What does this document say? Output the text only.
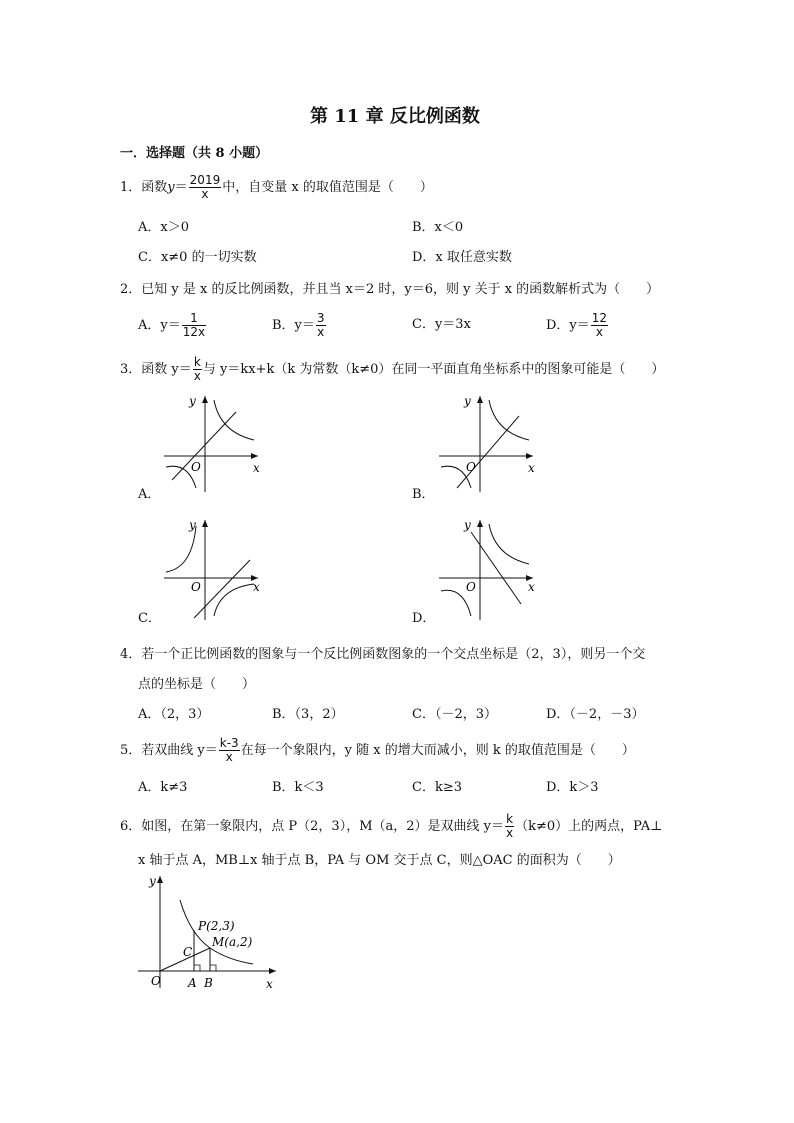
第 11 章 反比例函数
一．选择题（共 8 小题）
1．函数$y= \frac{2019}{x}$ 中，自变量 x 的取值范围是（　　）
A．x＞0	B．x＜0
C．x≠0 的一切实数	D．x 取任意实数
2．已知 y 是 x 的反比例函数，并且当 x＝2 时，y＝6，则 y 关于 x 的函数解析式为（　　）
A．$y= \frac{1}{12x}$	B．$y= \frac{3}{x}$	C．y＝3x	D．$y= \frac{12}{x}$
3．函数 $y= \frac{k}{x}$ 与 y＝kx+k（k 为常数（k≠0）在同一平面直角坐标系中的图象可能是（　　）
y
x
O
A．
y
x
O
B．
y
x
O
C．
y
x
O
D．
4．若一个正比例函数的图象与一个反比例函数图象的一个交点坐标是（2，3），则另一个交
点的坐标是（　　）
A．（2，3）	B．（3，2）	C．（－2，3）	D．（－2，－3）
5．若双曲线 $y= \frac{k-3}{x}$ 在每一个象限内，y 随 x 的增大而减小，则 k 的取值范围是（　　）
A．k≠3	B．k＜3	C．k≥3	D．k＞3
6．如图，在第一象限内，点 P（2，3），M（a，2）是双曲线 $y= \frac{k}{x} (k\ne 0)$上的两点，PA⊥
x 轴于点 A，MB⊥x 轴于点 B，PA 与 OM 交于点 C，则△OAC 的面积为（　　）
y
x
O
P(2,3)
M(a,2)
C
A B
